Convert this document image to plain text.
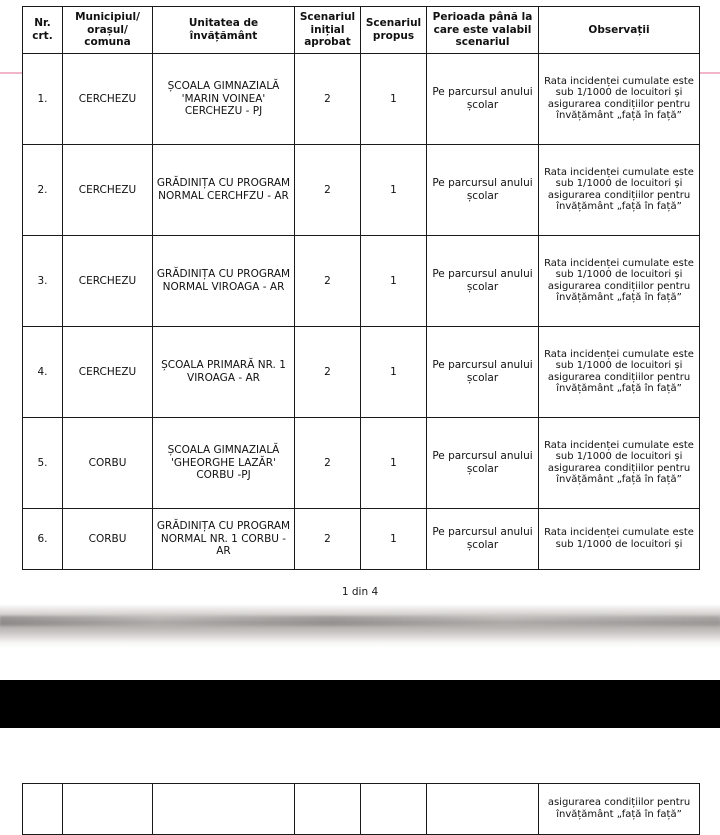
Nr. crt.	Municipiul/ orașul/ comuna	Unitatea de învățământ	Scenariul inițial aprobat	Scenariul propus	Perioada până la care este valabil scenariul	Observații
1.	CERCHEZU	ȘCOALA GIMNAZIALĂ 'MARIN VOINEA' CERCHEZU - PJ	2	1	Pe parcursul anului școlar	Rata incidenței cumulate este sub 1/1000 de locuitori și asigurarea condițiilor pentru învățământ „față în față”
2.	CERCHEZU	GRĂDINIȚA CU PROGRAM NORMAL CERCHFZU - AR	2	1	Pe parcursul anului școlar	Rata incidenței cumulate este sub 1/1000 de locuitori și asigurarea condițiilor pentru învățământ „față în față”
3.	CERCHEZU	GRĂDINIȚA CU PROGRAM NORMAL VIROAGA - AR	2	1	Pe parcursul anului școlar	Rata incidenței cumulate este sub 1/1000 de locuitori și asigurarea condițiilor pentru învățământ „față în față”
4.	CERCHEZU	ȘCOALA PRIMARĂ NR. 1 VIROAGA - AR	2	1	Pe parcursul anului școlar	Rata incidenței cumulate este sub 1/1000 de locuitori și asigurarea condițiilor pentru învățământ „față în față”
5.	CORBU	ȘCOALA GIMNAZIALĂ 'GHEORGHE LAZĂR' CORBU -PJ	2	1	Pe parcursul anului școlar	Rata incidenței cumulate este sub 1/1000 de locuitori și asigurarea condițiilor pentru învățământ „față în față”
6.	CORBU	GRĂDINIȚA CU PROGRAM NORMAL NR. 1 CORBU -AR	2	1	Pe parcursul anului școlar	Rata incidenței cumulate este sub 1/1000 de locuitori și
1 din 4
						asigurarea condițiilor pentru învățământ „față în față”
